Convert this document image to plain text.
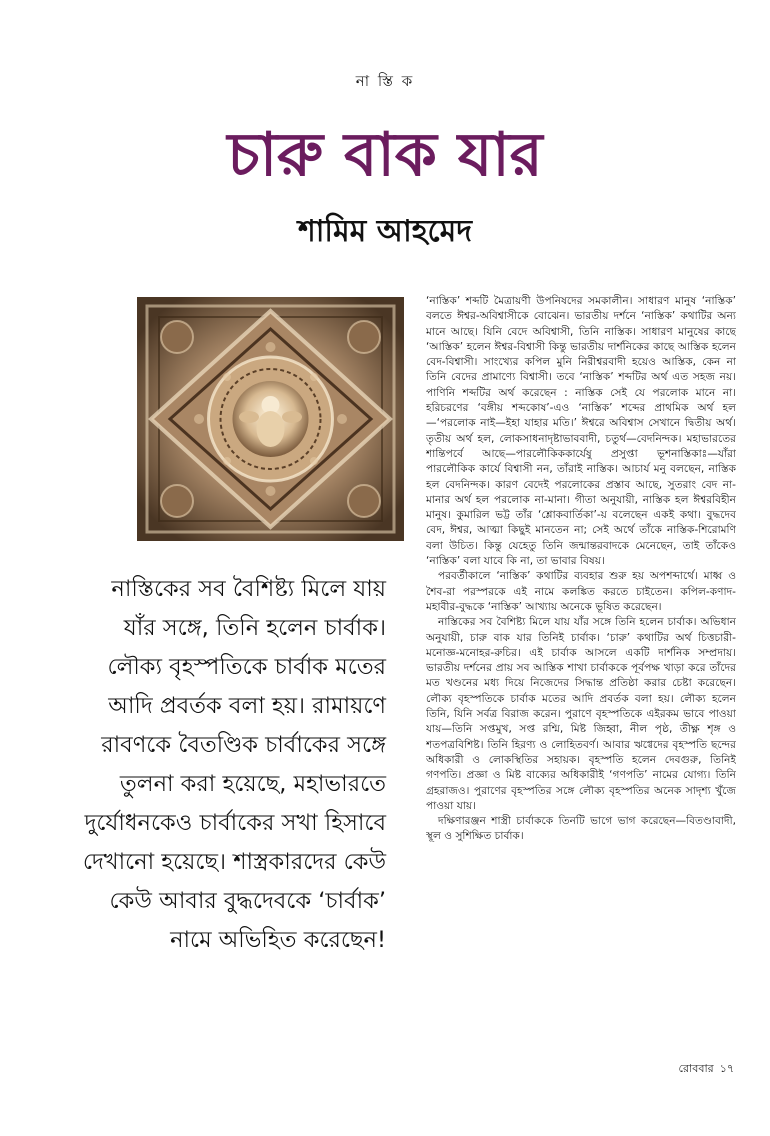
না স্তি ক
চারু বাক যার
শামিম আহমেদ
নাস্তিকের সব বৈশিষ্ট্য মিলে যায় যাঁর সঙ্গে, তিনি হলেন চার্বাক। লৌক্য বৃহস্পতিকে চার্বাক মতের আদি প্রবর্তক বলা হয়। রামায়ণে রাবণকে বৈতণ্ডিক চার্বাকের সঙ্গে তুলনা করা হয়েছে, মহাভারতে দুর্যোধনকেও চার্বাকের সখা হিসাবে দেখানো হয়েছে। শাস্ত্রকারদের কেউ কেউ আবার বুদ্ধদেবকে ‘চার্বাক’ নামে অভিহিত করেছেন!

‘নাস্তিক’ শব্দটি মৈত্রায়ণী উপনিষদের সমকালীন। সাধারণ মানুষ ‘নাস্তিক’ বলতে ঈশ্বর-অবিশ্বাসীকে বোঝেন। ভারতীয় দর্শনে ‘নাস্তিক’ কথাটির অন্য মানে আছে। যিনি বেদে অবিশ্বাসী, তিনি নাস্তিক। সাধারণ মানুষের কাছে ‘আস্তিক’ হলেন ঈশ্বর-বিশ্বাসী কিন্তু ভারতীয় দার্শনিকের কাছে আস্তিক হলেন বেদ-বিশ্বাসী। সাংখ্যের কপিল মুনি নিরীশ্বরবাদী হয়েও আস্তিক, কেন না তিনি বেদের প্রামাণ্যে বিশ্বাসী। তবে ‘নাস্তিক’ শব্দটির অর্থ এত সহজ নয়। পাণিনি শব্দটির অর্থ করেছেন : নাস্তিক সেই যে পরলোক মানে না। হরিচরণের ‘বঙ্গীয় শব্দকোষ’-এও ‘নাস্তিক’ শব্দের প্রাথমিক অর্থ হল—‘পরলোক নাই—ইহা যাহার মতি।’ ঈশ্বরে অবিশ্বাস সেখানে দ্বিতীয় অর্থ। তৃতীয় অর্থ হল, লোকসাধনাদৃষ্টাভাববাদী, চতুর্থ—বেদনিন্দক। মহাভারতের শান্তিপর্বে আছে—পারলৌকিককার্যেষু প্রসুপ্তা ভূশনাস্তিকাঃ—যাঁরা পারলৌকিক কার্যে বিশ্বাসী নন, তাঁরাই নাস্তিক। আচার্য মনু বলছেন, নাস্তিক হল বেদনিন্দক। কারণ বেদেই পরলোকের প্রস্তাব আছে, সুতরাং বেদ না-মানার অর্থ হল পরলোক না-মানা। গীতা অনুযায়ী, নাস্তিক হল ঈশ্বরবিহীন মানুষ। কুমারিল ভট্ট তাঁর ‘শ্লোকবার্তিকা’-য় বলেছেন একই কথা। বুদ্ধদেব বেদ, ঈশ্বর, আত্মা কিছুই মানতেন না; সেই অর্থে তাঁকে নাস্তিক-শিরোমণি বলা উচিত। কিন্তু যেহেতু তিনি জন্মান্তরবাদকে মেনেছেন, তাই তাঁকেও ‘নাস্তিক’ বলা যাবে কি না, তা ভাবার বিষয়।

পরবর্তীকালে ‘নাস্তিক’ কথাটির ব্যবহার শুরু হয় অপশব্দার্থে। মাধ্ব ও শৈব-রা পরস্পরকে এই নামে কলঙ্কিত করতে চাইতেন। কপিল-কণাদ-মহাবীর-বুদ্ধকে ‘নাস্তিক’ আখ্যায় অনেকে ভূষিত করেছেন।

নাস্তিকের সব বৈশিষ্ট্য মিলে যায় যাঁর সঙ্গে তিনি হলেন চার্বাক। অভিধান অনুযায়ী, চারু বাক যার তিনিই চার্বাক। ‘চারু’ কথাটির অর্থ চিত্তচারী-মনোজ্ঞ-মনোহর-রুচির। এই চার্বাক আসলে একটি দার্শনিক সম্প্রদায়। ভারতীয় দর্শনের প্রায় সব আস্তিক শাখা চার্বাককে পূর্বপক্ষ খাড়া করে তাঁদের মত খণ্ডনের মধ্য দিয়ে নিজেদের সিদ্ধান্ত প্রতিষ্ঠা করার চেষ্টা করেছেন। লৌক্য বৃহস্পতিকে চার্বাক মতের আদি প্রবর্তক বলা হয়। লৌক্য হলেন তিনি, যিনি সর্বত্র বিরাজ করেন। পুরাণে বৃহস্পতিকে এইরকম ভাবে পাওয়া যায়—তিনি সপ্তমুখ, সপ্ত রশ্মি, মিষ্ট জিহ্বা, নীল পৃষ্ঠ, তীক্ষ্ণ শৃঙ্গ ও শতপত্রবিশিষ্ট। তিনি হিরণ্য ও লোহিতবর্ণ। আবার ঋগ্বেদের বৃহস্পতি ছন্দের অধিকারী ও লোকস্থিতির সহায়ক। বৃহস্পতি হলেন দেবগুরু, তিনিই গণপতি। প্রজ্ঞা ও মিষ্ট বাক্যের অধিকারীই ‘গণপতি’ নামের যোগ্য। তিনি গ্রহরাজও। পুরাণের বৃহস্পতির সঙ্গে লৌক্য বৃহস্পতির অনেক সাদৃশ্য খুঁজে পাওয়া যায়।

দক্ষিণারঞ্জন শাস্ত্রী চার্বাককে তিনটি ভাগে ভাগ করেছেন—বিতণ্ডাবাদী, স্থূল ও সুশিক্ষিত চার্বাক।

রোববার ১৭
